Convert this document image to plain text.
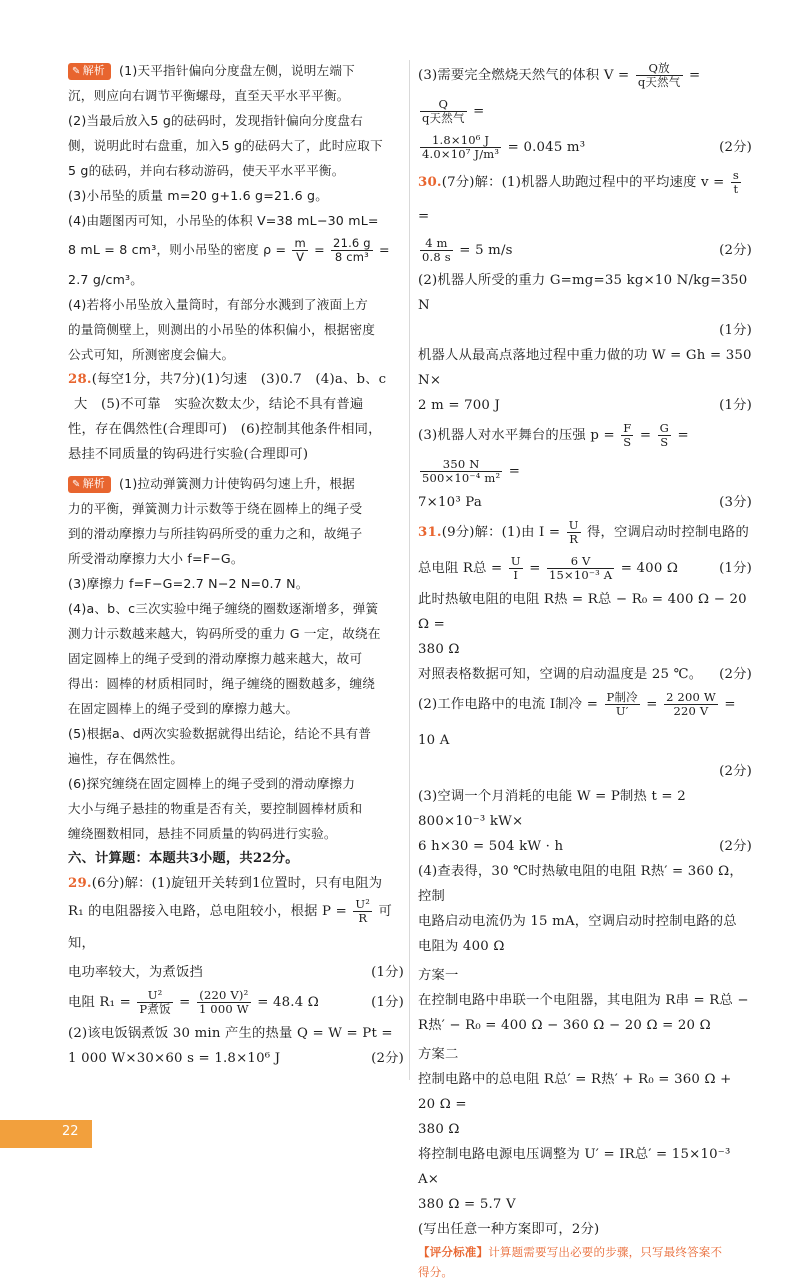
✎ 解析 (1)天平指针偏向分度盘左侧，说明左端下

沉，则应向右调节平衡螺母，直至天平水平平衡。

(2)当最后放入5 g的砝码时，发现指针偏向分度盘右

侧，说明此时右盘重，加入5 g的砝码大了，此时应取下

5 g的砝码，并向右移动游码，使天平水平平衡。

(3)小吊坠的质量 m=20 g+1.6 g=21.6 g。

(4)由题图丙可知，小吊坠的体积 V=38 mL−30 mL=

8 mL = 8 cm³，则小吊坠的密度 $\rho = \frac{m}{V} = \frac{21.6 g}{\text{8 cm³}}$ =

2.7 g/cm³。

(4)若将小吊坠放入量筒时，有部分水溅到了液面上方

的量筒侧壁上，则测出的小吊坠的体积偏小，根据密度

公式可知，所测密度会偏大。

28.(每空1分，共7分)(1)匀速　(3)0.7　(4)a、b、c

大　(5)不可靠　实验次数太少，结论不具有普遍

性，存在偶然性(合理即可)　(6)控制其他条件相同，

悬挂不同质量的钩码进行实验(合理即可)

✎ 解析 (1)拉动弹簧测力计使钩码匀速上升，根据

力的平衡，弹簧测力计示数等于绕在圆棒上的绳子受

到的滑动摩擦力与所挂钩码所受的重力之和，故绳子

所受滑动摩擦力大小 f=F−G。

(3)摩擦力 f=F−G=2.7 N−2 N=0.7 N。

(4)a、b、c三次实验中绳子缠绕的圈数逐渐增多，弹簧

测力计示数越来越大，钩码所受的重力 G 一定，故绕在

固定圆棒上的绳子受到的滑动摩擦力越来越大，故可

得出：圆棒的材质相同时，绳子缠绕的圈数越多，缠绕

在固定圆棒上的绳子受到的摩擦力越大。

(5)根据a、d两次实验数据就得出结论，结论不具有普

遍性，存在偶然性。

(6)探究缠绕在固定圆棒上的绳子受到的滑动摩擦力

大小与绳子悬挂的物重是否有关，要控制圆棒材质和

缠绕圈数相同，悬挂不同质量的钩码进行实验。

六、计算题：本题共3小题，共22分。

29.(6分)解：(1)旋钮开关转到1位置时，只有电阻为

R₁ 的电阻器接入电路，总电阻较小，根据 $P = \frac{\text{U²}}{R}$ 可知，

电功率较大，为煮饭挡	(1分)

电阻 R₁ =	U²
P煮饭 = $\frac{\text{(220 V)²}}{1 000 W} = 48.4$ Ω	(1分)

(2)该电饭锅煮饭 30 min 产生的热量 Q = W = Pt =

1 000 W×30×60 s = 1.8×10⁶ J	(2分)

(3)需要完全燃烧天然气的体积 V =	Q放
q天然气 =
Q
q天然气 =

$\frac{\text{1.8×10⁶ J}}{\text{4.0×10⁷ J/m³}} = 0.045$ m³	(2分)

30.(7分)解：(1)机器人助跑过程中的平均速度 $v = \frac{s}{t}$
=

$\frac{4 m}{0.8 s} = 5$ m/s	(2分)

(2)机器人所受的重力 G=mg=35 kg×10 N/kg=350 N

(1分)

机器人从最高点落地过程中重力做的功 W = Gh = 350 N×

2 m = 700 J	(1分)

(3)机器人对水平舞台的压强 $p = \frac{F}{S} = \frac{G}{S}$ =
$\frac{350 N}{\text{500×10⁻⁴ m²}}$ =

7×10³ Pa	(3分)

31.(9分)解：(1)由 $I = \frac{U}{R}$ 得，空调启动时控制电路的

总电阻 R总 = $\frac{U}{I} = \frac{6 V}{\text{15×10⁻³ A}} = 400$ Ω	(1分)

此时热敏电阻的电阻 R热 = R总 − R₀ = 400 Ω − 20 Ω =

380 Ω

对照表格数据可知，空调的启动温度是 25 ℃。 (2分)

(2)工作电路中的电流 I制冷 = P制冷
U′	= $\frac{2 200 W}{220 V} = 10$ A

(2分)

(3)空调一个月消耗的电能 W = P制热 t = 2 800×10⁻³ kW×

6 h×30 = 504 kW · h	(2分)

(4)查表得，30 ℃时热敏电阻的电阻 R热′ = 360 Ω，控制

电路启动电流仍为 15 mA，空调启动时控制电路的总

电阻为 400 Ω

方案一

在控制电路中串联一个电阻器，其电阻为 R串 = R总 −

R热′ − R₀ = 400 Ω − 360 Ω − 20 Ω = 20 Ω

方案二

控制电路中的总电阻 R总′ = R热′ + R₀ = 360 Ω + 20 Ω =

380 Ω

将控制电路电源电压调整为 U′ = IR总′ = 15×10⁻³ A×

380 Ω = 5.7 V

(写出任意一种方案即可，2分)

【评分标准】计算题需要写出必要的步骤，只写最终答案不
得分。

22
